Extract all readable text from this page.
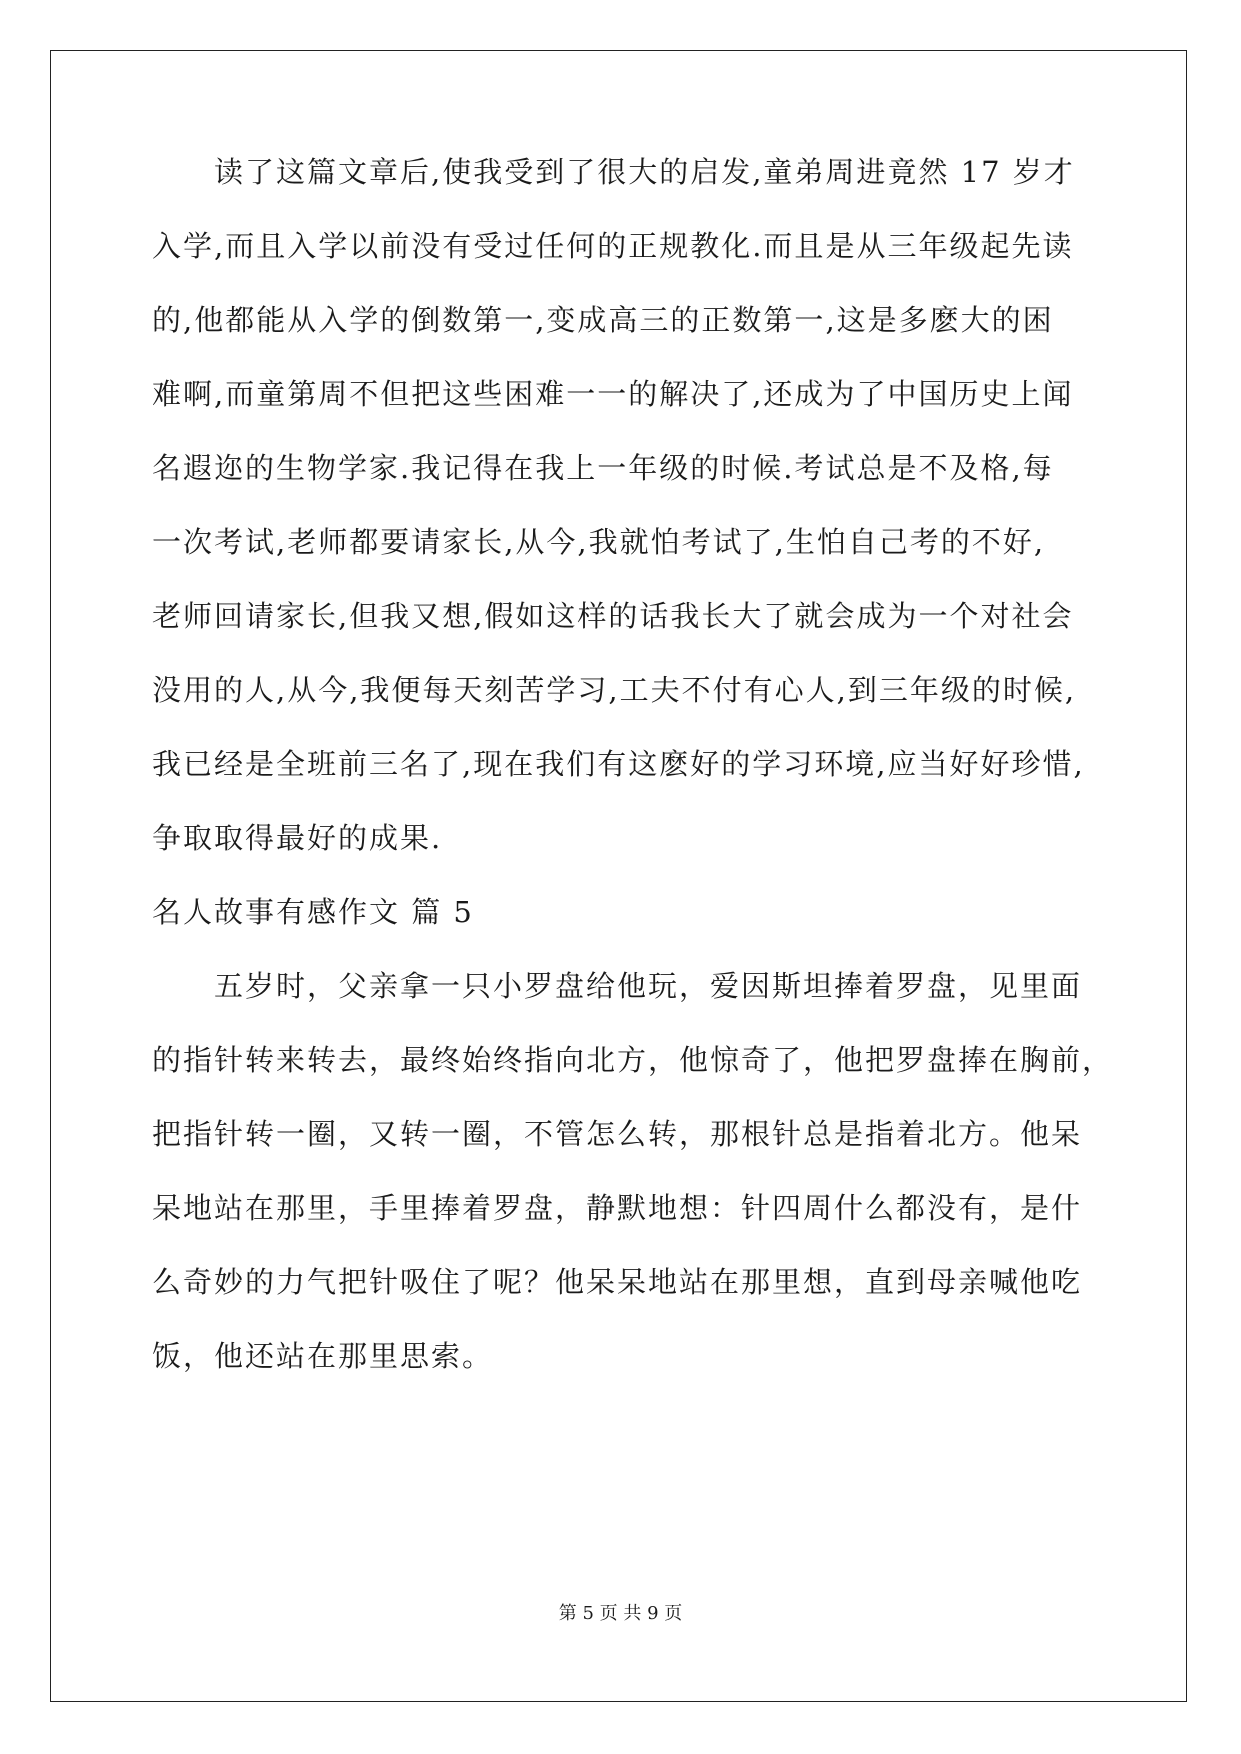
读了这篇文章后,使我受到了很大的启发,童弟周进竟然 17 岁才
入学,而且入学以前没有受过任何的正规教化.而且是从三年级起先读
的,他都能从入学的倒数第一,变成高三的正数第一,这是多麽大的困
难啊,而童第周不但把这些困难一一的解决了,还成为了中国历史上闻
名遐迩的生物学家.我记得在我上一年级的时候.考试总是不及格,每
一次考试,老师都要请家长,从今,我就怕考试了,生怕自己考的不好,
老师回请家长,但我又想,假如这样的话我长大了就会成为一个对社会
没用的人,从今,我便每天刻苦学习,工夫不付有心人,到三年级的时候,
我已经是全班前三名了,现在我们有这麽好的学习环境,应当好好珍惜,
争取取得最好的成果.
名人故事有感作文 篇 5
五岁时，父亲拿一只小罗盘给他玩，爱因斯坦捧着罗盘，见里面
的指针转来转去，最终始终指向北方，他惊奇了，他把罗盘捧在胸前，
把指针转一圈，又转一圈，不管怎么转，那根针总是指着北方。他呆
呆地站在那里，手里捧着罗盘，静默地想：针四周什么都没有，是什
么奇妙的力气把针吸住了呢？他呆呆地站在那里想，直到母亲喊他吃
饭，他还站在那里思索。
第 5 页 共 9 页
